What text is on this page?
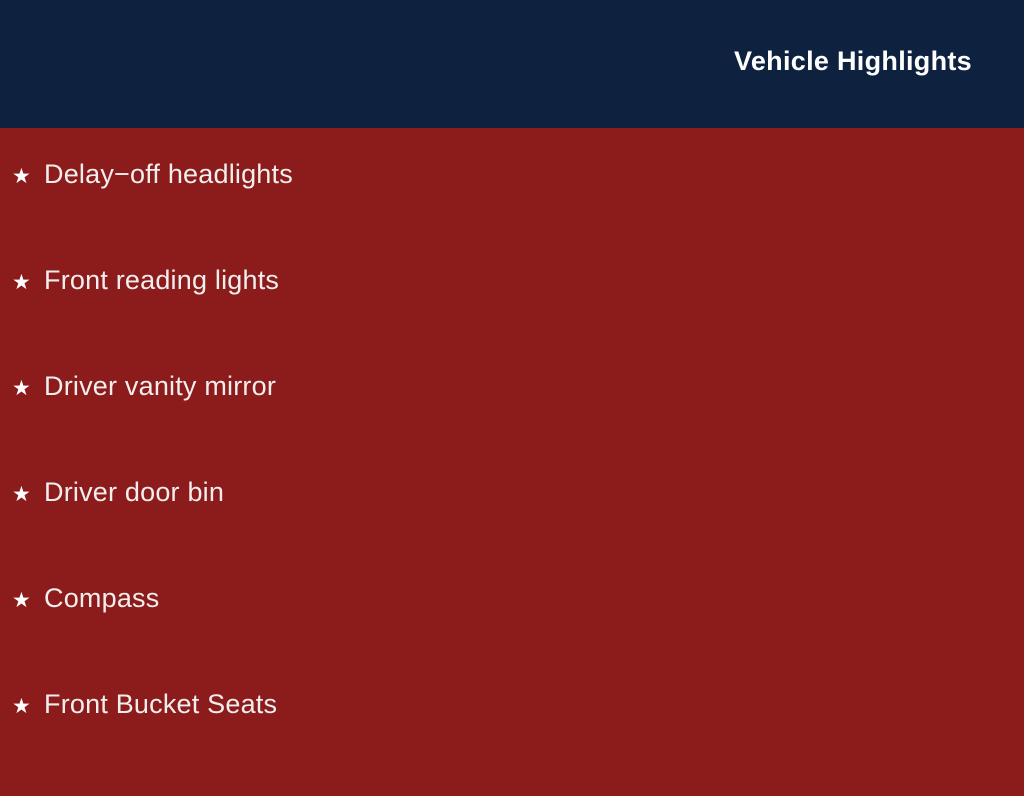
Vehicle Highlights
★ Delay−off headlights
★ Front reading lights
★ Driver vanity mirror
★ Driver door bin
★ Compass
★ Front Bucket Seats
